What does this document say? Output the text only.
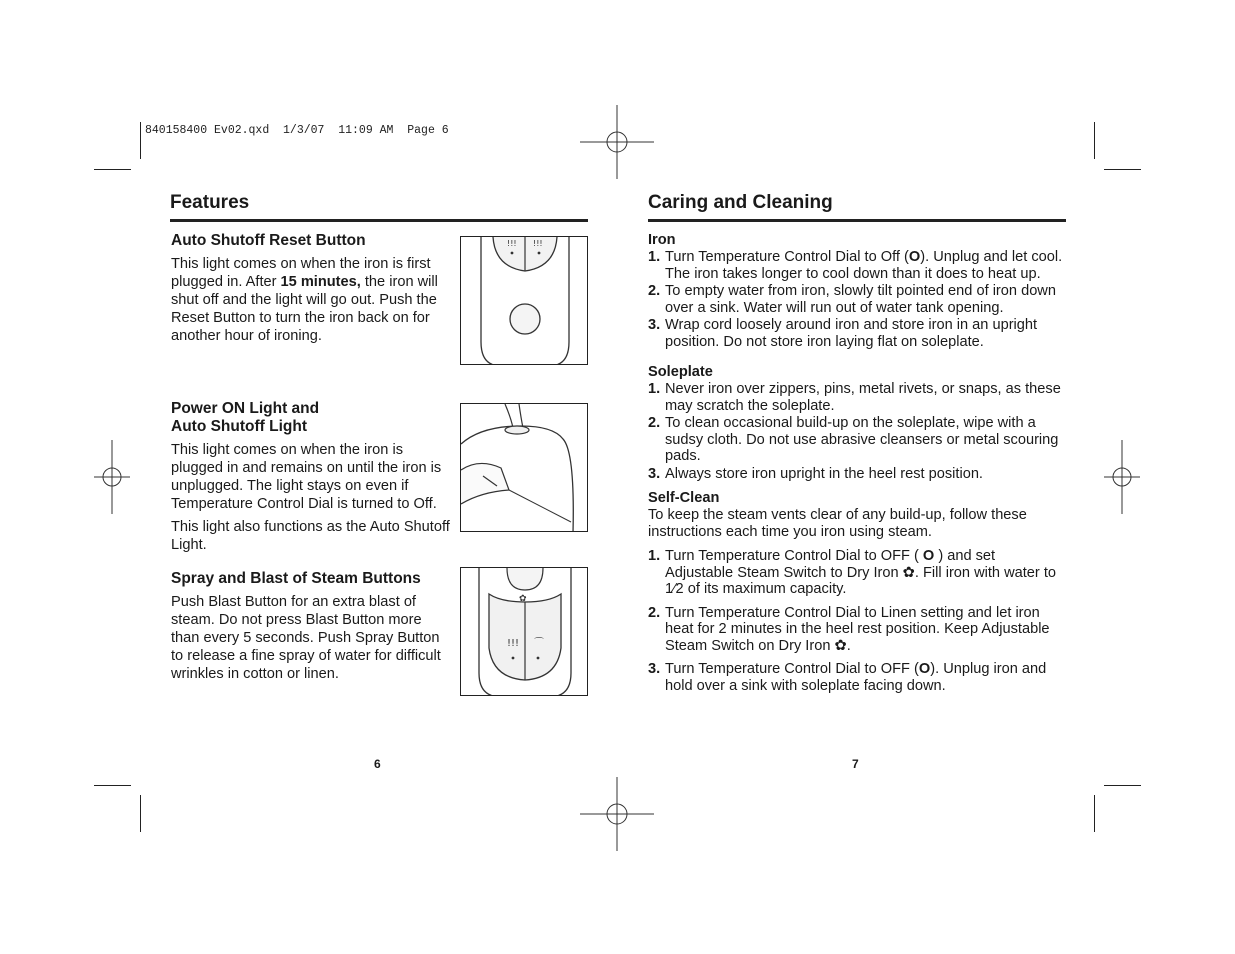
840158400 Ev02.qxd  1/3/07  11:09 AM  Page 6
Features
Auto Shutoff Reset Button

This light comes on when the iron is first plugged in. After 15 minutes, the iron will shut off and the light will go out. Push the Reset Button to turn the iron back on for another hour of ironing.

!!! !!!
Power ON Light and
Auto Shutoff Light

This light comes on when the iron is plugged in and remains on until the iron is unplugged. The light stays on even if Temperature Control Dial is turned to Off.

This light also functions as the Auto Shutoff Light.

Spray and Blast of Steam Buttons

Push Blast Button for an extra blast of steam. Do not press Blast Button more than every 5 seconds. Push Spray Button to release a fine spray of water for difficult wrinkles in cotton or linen.

✿
!!! ⌒
Caring and Cleaning
Iron
1. Turn Temperature Control Dial to Off (O). Unplug and let cool. The iron takes longer to cool down than it does to heat up.
2. To empty water from iron, slowly tilt pointed end of iron down over a sink. Water will run out of water tank opening.
3. Wrap cord loosely around iron and store iron in an upright position. Do not store iron laying flat on soleplate.
Soleplate
1. Never iron over zippers, pins, metal rivets, or snaps, as these may scratch the soleplate.
2. To clean occasional build-up on the soleplate, wipe with a sudsy cloth. Do not use abrasive cleansers or metal scouring pads.
3. Always store iron upright in the heel rest position.
Self-Clean

To keep the steam vents clear of any build-up, follow these instructions each time you iron using steam.

1. Turn Temperature Control Dial to OFF ( O ) and set Adjustable Steam Switch to Dry Iron ✿. Fill iron with water to 1⁄2 of its maximum capacity.
2. Turn Temperature Control Dial to Linen setting and let iron heat for 2 minutes in the heel rest position. Keep Adjustable Steam Switch on Dry Iron ✿.
3. Turn Temperature Control Dial to OFF (O). Unplug iron and hold over a sink with soleplate facing down.
6	7
